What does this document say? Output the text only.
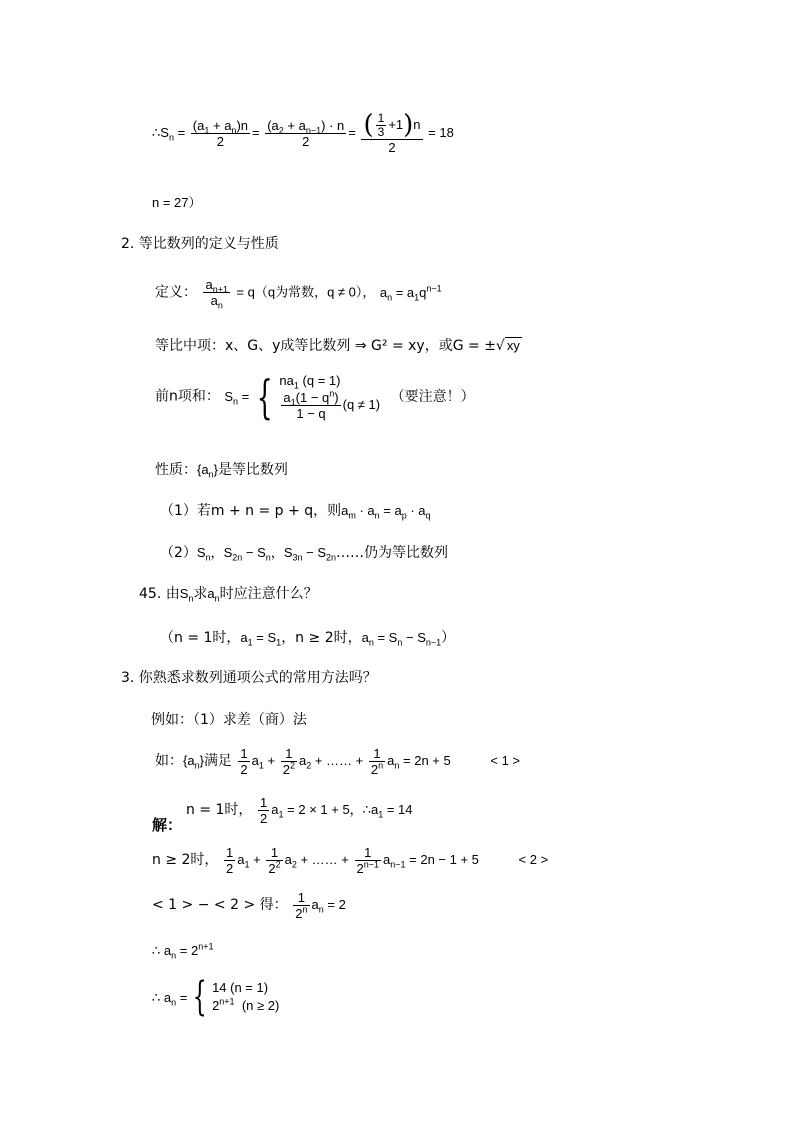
$\therefore S_n = \frac{(a_1 + a_n)n}{2} = \frac{(a_2 + a_{n-1}) \cdot n}{2} = \frac{( \frac{1}{3} +1)n}{2} = 18$
n = 27）
2. 等比数列的定义与性质
定义： $\frac{a_{n+1}}{a_n} = q(q$为常数，q ≠ 0）， $a_n = a_1q^{n-1}$
等比中项：x、G、y成等比数列 ⇒ G² = xy，或G = ±√ xy
前n项和： $S_n$ = { $na_1$ (q = 1)
$\frac{a_1(1 - q^n)}{1 - q} (q \ne 1)$ （要注意！）
性质：$\{a_n\}$是等比数列
（1）若m + n = p + q，则$a_m \cdot a_n = a_p \cdot a_q$
$(2)S_n$，$S_{2n} - S_n$，$S_{3n}$ − $S_{2n}\dots\dots$仍为等比数列
45. 由$S_n$求$a_n$时应注意什么？
（n = 1时，$a_1 = S_1$，n ≥ 2时，$a_n = S_n - S_{n-1}$）
3. 你熟悉求数列通项公式的常用方法吗？
例如：（1）求差（商）法
如：$\{a_n\}$满足 $\frac{1}{2} a_1 + \frac{1}{2^2} a_2$ + …… + $\frac{1}{2^n} a_n = 2n + 5$	< 1 >
n = 1时， $\frac{1}{2} a_1 = 2 \times 1 + 5$，$\therefore a_1 = 14$
解：
n ≥ 2时， $\frac{1}{2} a_1 + \frac{1}{2^2} a_2$ + …… + $\frac{1}{2^{n-1}} a_{n-1} = 2n - 1 + 5$	< 2 >
< 1 > − < 2 > 得： $\frac{1}{2^n} a_n = 2$
∴ $a_n = 2^{n+1}$
∴ $a_n$ = { 14 (n = 1)
$2^{n+1}$ (n ≥ 2)
